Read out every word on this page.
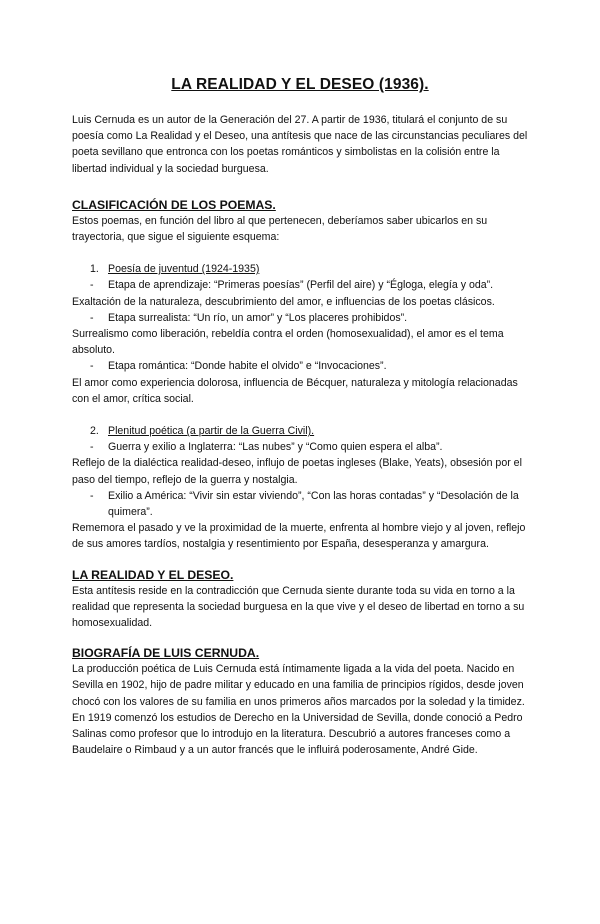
LA REALIDAD Y EL DESEO (1936).

Luis Cernuda es un autor de la Generación del 27. A partir de 1936, titulará el conjunto de su poesía como La Realidad y el Deseo, una antítesis que nace de las circunstancias peculiares del poeta sevillano que entronca con los poetas románticos y simbolistas en la colisión entre la libertad individual y la sociedad burguesa.

CLASIFICACIÓN DE LOS POEMAS.

Estos poemas, en función del libro al que pertenecen, deberíamos saber ubicarlos en su trayectoria, que sigue el siguiente esquema:

1. Poesía de juventud (1924-1935)
- Etapa de aprendizaje: “Primeras poesías” (Perfil del aire) y “Égloga, elegía y oda”.

Exaltación de la naturaleza, descubrimiento del amor, e influencias de los poetas clásicos.

- Etapa surrealista: “Un río, un amor” y “Los placeres prohibidos”.

Surrealismo como liberación, rebeldía contra el orden (homosexualidad), el amor es el tema absoluto.

- Etapa romántica: “Donde habite el olvido” e “Invocaciones”.

El amor como experiencia dolorosa, influencia de Bécquer, naturaleza y mitología relacionadas con el amor, crítica social.

2. Plenitud poética (a partir de la Guerra Civil).
- Guerra y exilio a Inglaterra: “Las nubes” y “Como quien espera el alba”.

Reflejo de la dialéctica realidad-deseo, influjo de poetas ingleses (Blake, Yeats), obsesión por el paso del tiempo, reflejo de la guerra y nostalgia.

- Exilio a América: “Vivir sin estar viviendo”, “Con las horas contadas” y “Desolación de la quimera”.

Rememora el pasado y ve la proximidad de la muerte, enfrenta al hombre viejo y al joven, reflejo de sus amores tardíos, nostalgia y resentimiento por España, desesperanza y amargura.

LA REALIDAD Y EL DESEO.

Esta antítesis reside en la contradicción que Cernuda siente durante toda su vida en torno a la realidad que representa la sociedad burguesa en la que vive y el deseo de libertad en torno a su homosexualidad.

BIOGRAFÍA DE LUIS CERNUDA.

La producción poética de Luis Cernuda está íntimamente ligada a la vida del poeta. Nacido en Sevilla en 1902, hijo de padre militar y educado en una familia de principios rígidos, desde joven chocó con los valores de su familia en unos primeros años marcados por la soledad y la timidez. En 1919 comenzó los estudios de Derecho en la Universidad de Sevilla, donde conoció a Pedro Salinas como profesor que lo introdujo en la literatura. Descubrió a autores franceses como a Baudelaire o Rimbaud y a un autor francés que le influirá poderosamente, André Gide.
